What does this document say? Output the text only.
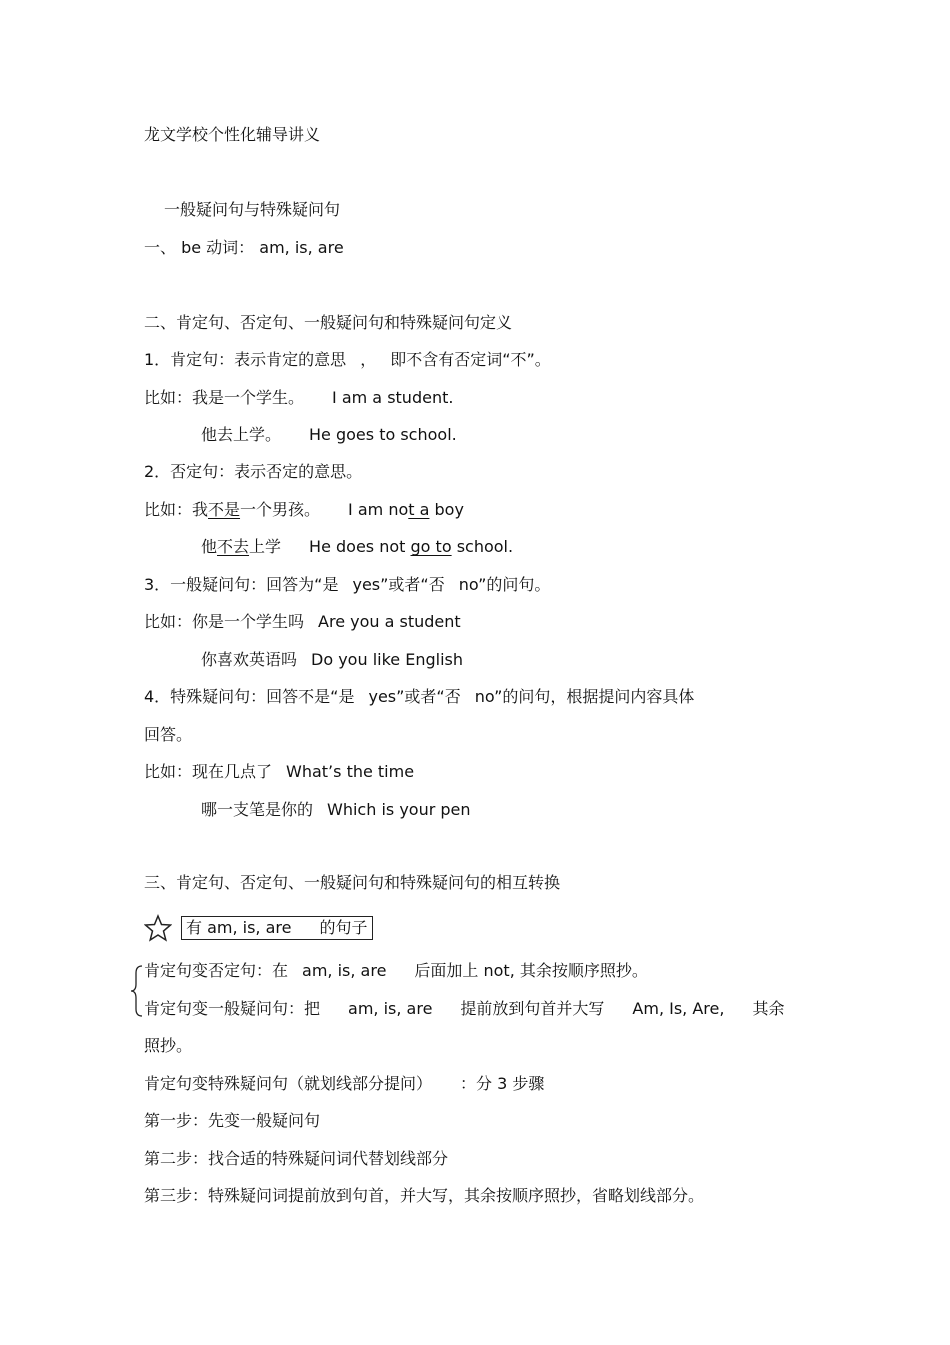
龙文学校个性化辅导讲义
一般疑问句与特殊疑问句
一、 be 动词： am, is, are
二、肯定句、否定句、一般疑问句和特殊疑问句定义
1．肯定句：表示肯定的意思 ， 即不含有否定词“不”。
比如：我是一个学生。 I am a student.
他去上学。 He goes to school.
2．否定句：表示否定的意思。
比如：我不是一个男孩。 I am not a boy
他不去上学 He does not go to school.
3．一般疑问句：回答为“是 yes”或者“否 no”的问句。
比如：你是一个学生吗 Are you a student
你喜欢英语吗 Do you like English
4．特殊疑问句：回答不是“是 yes”或者“否 no”的问句，根据提问内容具体
回答。
比如：现在几点了 What’s the time
哪一支笔是你的 Which is your pen
三、肯定句、否定句、一般疑问句和特殊疑问句的相互转换
有 am, is, are 的句子
肯定句变否定句：在 am, is, are 后面加上 not, 其余按顺序照抄。
肯定句变一般疑问句：把 am, is, are 提前放到句首并大写 Am, Is, Are, 其余
照抄。
肯定句变特殊疑问句（就划线部分提问） ：分 3 步骤
第一步：先变一般疑问句
第二步：找合适的特殊疑问词代替划线部分
第三步：特殊疑问词提前放到句首，并大写，其余按顺序照抄，省略划线部分。
